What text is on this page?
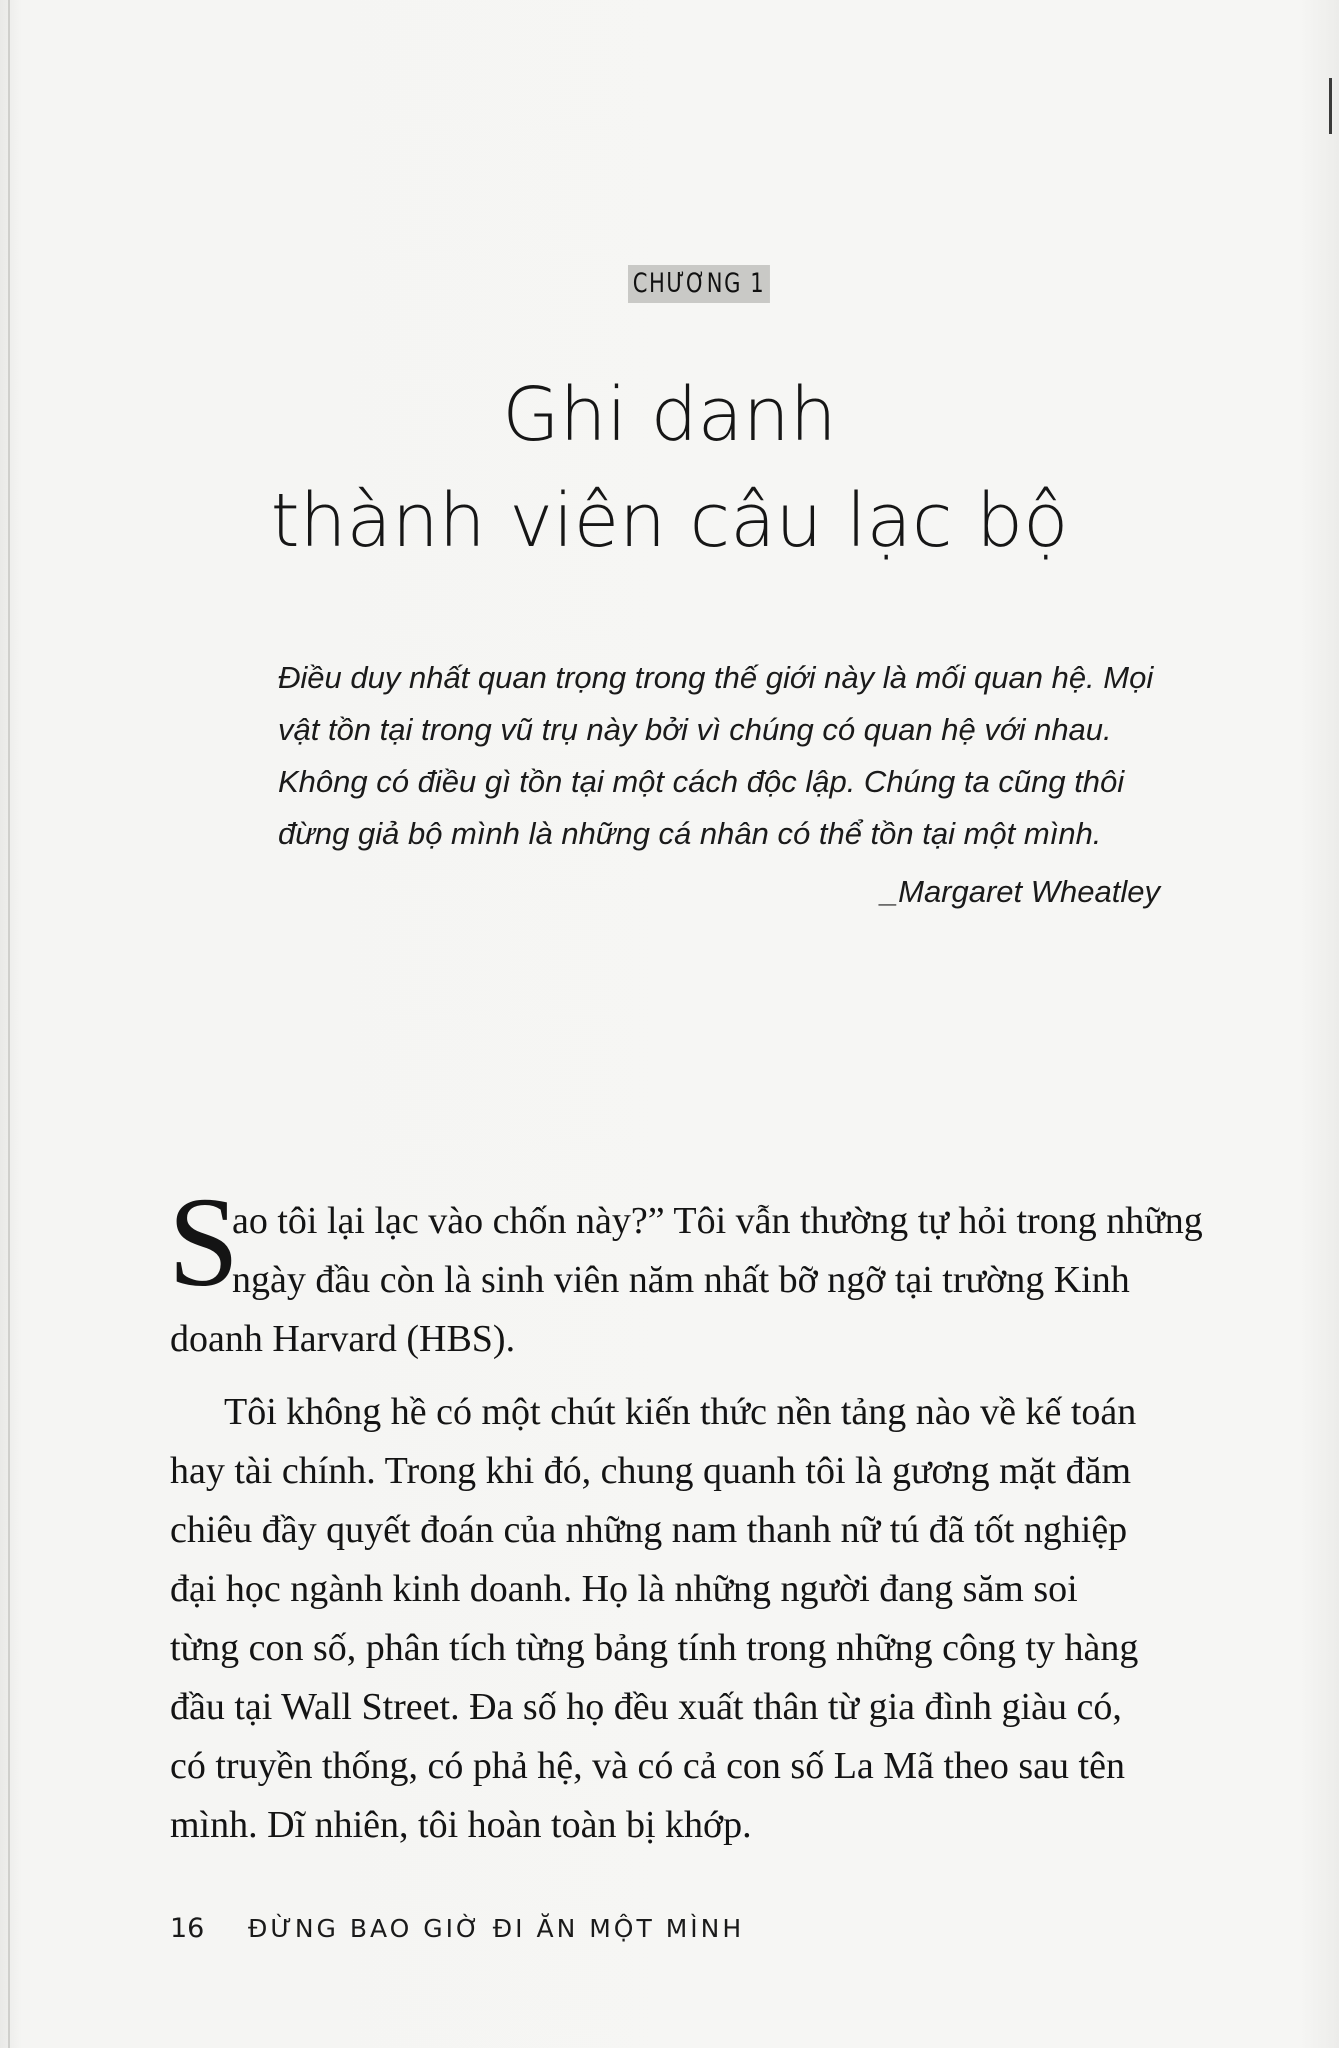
CHƯƠNG 1
Ghi danh
thành viên câu lạc bộ
Điều duy nhất quan trọng trong thế giới này là mối quan hệ. Mọi
vật tồn tại trong vũ trụ này bởi vì chúng có quan hệ với nhau.
Không có điều gì tồn tại một cách độc lập. Chúng ta cũng thôi
đừng giả bộ mình là những cá nhân có thể tồn tại một mình.
_Margaret Wheatley
S
ao tôi lại lạc vào chốn này?” Tôi vẫn thường tự hỏi trong những
ngày đầu còn là sinh viên năm nhất bỡ ngỡ tại trường Kinh
doanh Harvard (HBS).
Tôi không hề có một chút kiến thức nền tảng nào về kế toán
hay tài chính. Trong khi đó, chung quanh tôi là gương mặt đăm
chiêu đầy quyết đoán của những nam thanh nữ tú đã tốt nghiệp
đại học ngành kinh doanh. Họ là những người đang săm soi
từng con số, phân tích từng bảng tính trong những công ty hàng
đầu tại Wall Street. Đa số họ đều xuất thân từ gia đình giàu có,
có truyền thống, có phả hệ, và có cả con số La Mã theo sau tên
mình. Dĩ nhiên, tôi hoàn toàn bị khớp.
16 ĐỪNG BAO GIỜ ĐI ĂN MỘT MÌNH
